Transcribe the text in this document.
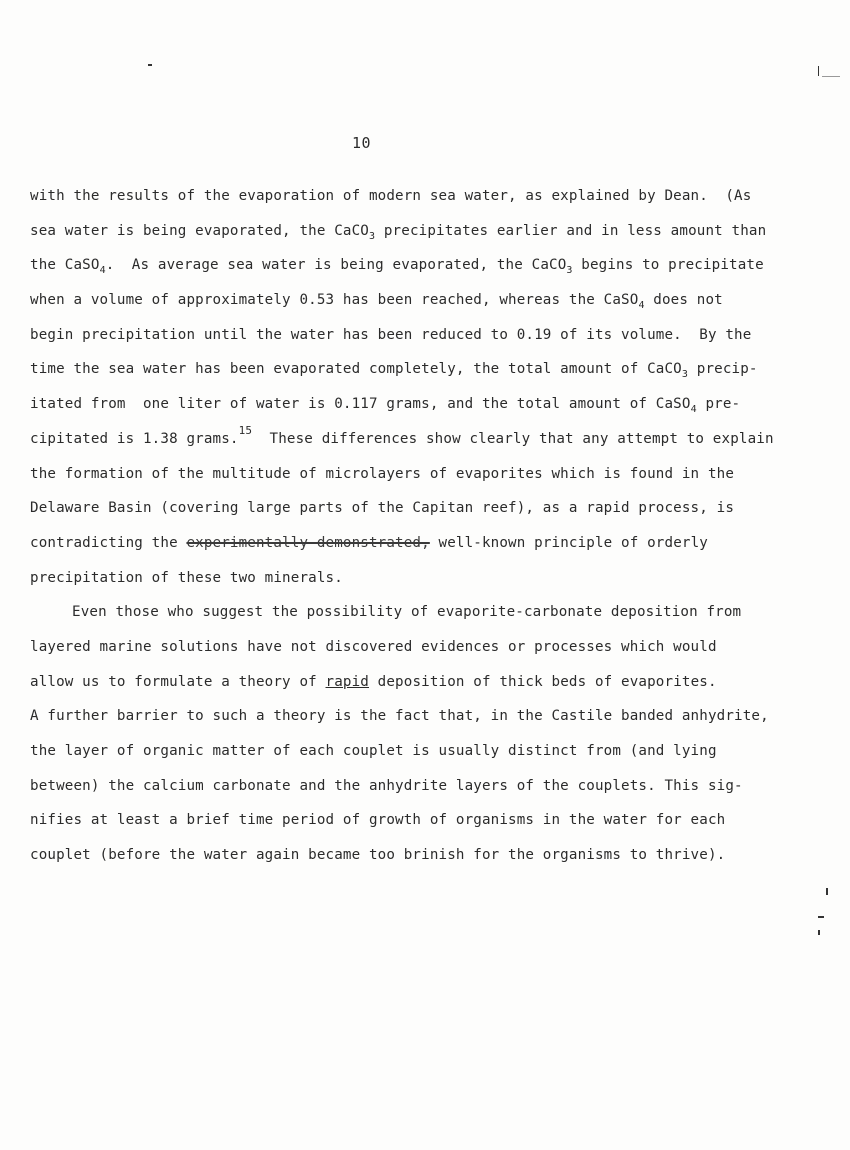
10
with the results of the evaporation of modern sea water, as explained by Dean.  (As
sea water is being evaporated, the CaCO$_3$ precipitates earlier and in less amount than
the CaSO$_4$.  As average sea water is being evaporated, the CaCO$_3$ begins to precipitate
when a volume of approximately 0.53 has been reached, whereas the CaSO$_4$ does not
begin precipitation until the water has been reduced to 0.19 of its volume.  By the
time the sea water has been evaporated completely, the total amount of CaCO$_3$ precip-
itated from  one liter of water is 0.117 grams, and the total amount of CaSO$_4$ pre-
cipitated is 1.38 grams.$^{15}$  These differences show clearly that any attempt to explain
the formation of the multitude of microlayers of evaporites which is found in the
Delaware Basin (covering large parts of the Capitan reef), as a rapid process, is
contradicting the experimentally demonstrated, well-known principle of orderly
precipitation of these two minerals.
Even those who suggest the possibility of evaporite-carbonate deposition from
layered marine solutions have not discovered evidences or processes which would
allow us to formulate a theory of rapid deposition of thick beds of evaporites.
A further barrier to such a theory is the fact that, in the Castile banded anhydrite,
the layer of organic matter of each couplet is usually distinct from (and lying
between) the calcium carbonate and the anhydrite layers of the couplets. This sig-
nifies at least a brief time period of growth of organisms in the water for each
couplet (before the water again became too brinish for the organisms to thrive).
